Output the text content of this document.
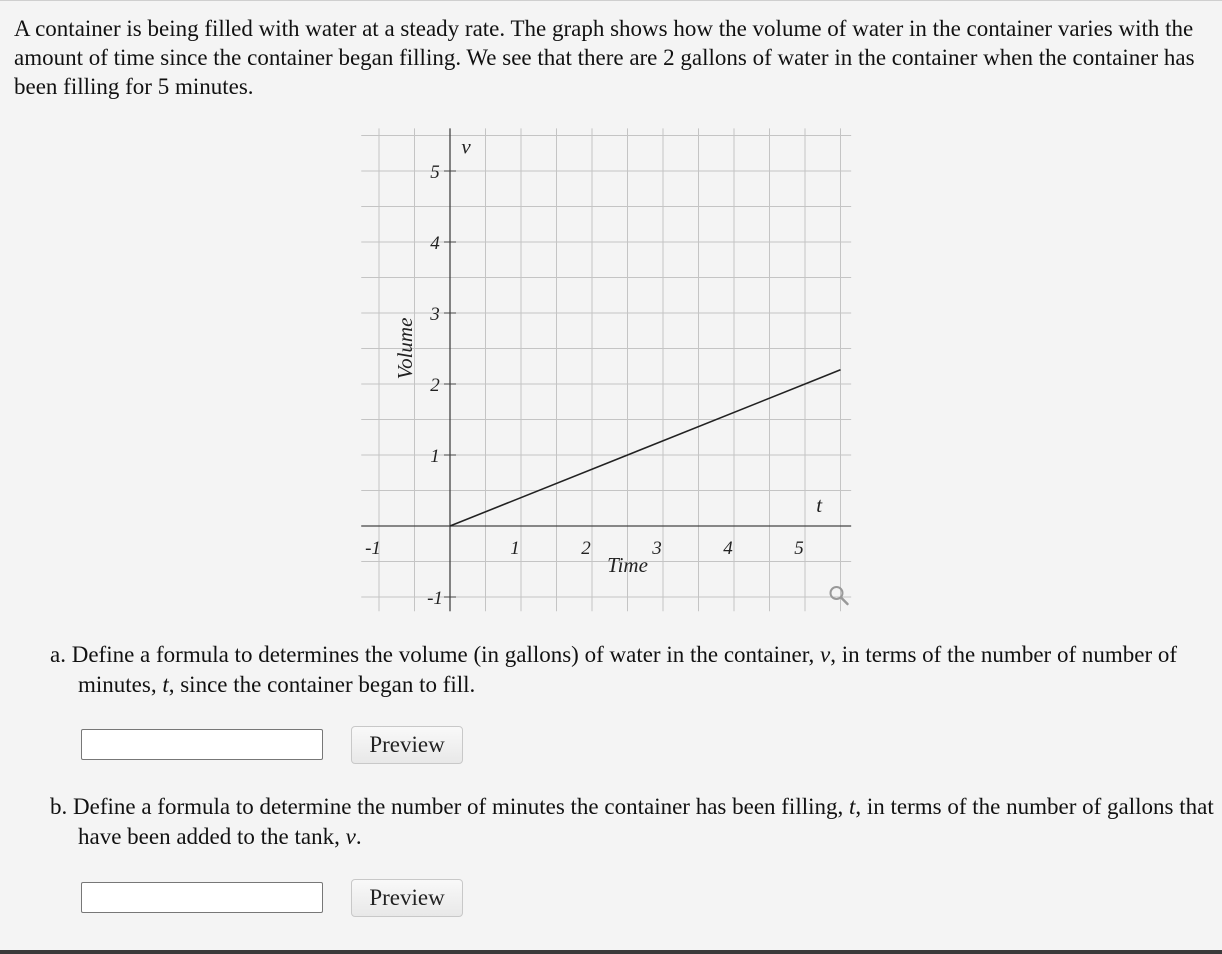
A container is being filled with water at a steady rate. The graph shows how the volume of water in the container varies with the amount of time since the container began filling. We see that there are 2 gallons of water in the container when the container has been filling for 5 minutes.

-1	1	2	3	4	5
-1
1
2
3
4
5
v
t
Time
Volume

a. Define a formula to determines the volume (in gallons) of water in the container, v, in terms of the number of number of minutes, t, since the container began to fill.

Preview

b. Define a formula to determine the number of minutes the container has been filling, t, in terms of the number of gallons that have been added to the tank, v.

Preview
